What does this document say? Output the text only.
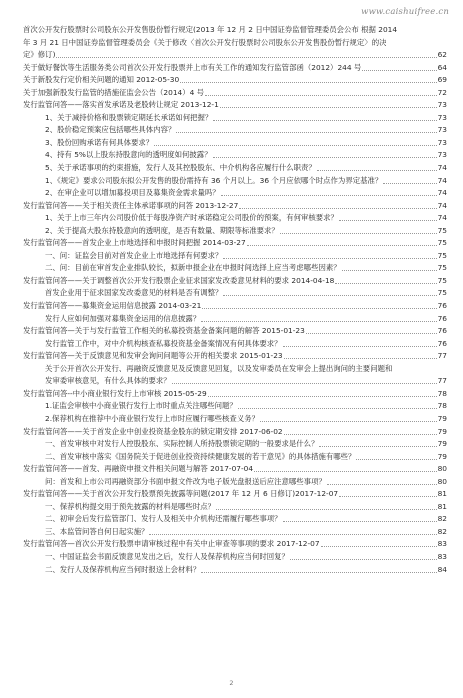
www.caishuifree.cn
首次公开发行股票时公司股东公开发售股份暂行规定(2013 年 12 月 2 日中国证券监督管理委员会公布 根据 2014
年 3 月 21 日中国证券监督管理委员会《关于修改〈首次公开发行股票时公司股东公开发售股份暂行规定〉的决
定》修订)	62
关于做好餐饮等生活服务类公司首次公开发行股票并上市有关工作的通知发行监管部函（2012）244 号	64
关于新股发行定价相关问题的通知 2012-05-30	69
关于加强新股发行监管的措施征监会公告（2014）4 号	72
发行监管问答——落实首发承诺及老股转让规定 2013-12-1	73
1、关于减持价格和股票锁定期延长承诺如何把握？	73
2、股价稳定预案应包括哪些具体内容？	73
3、股份回购承诺有何具体要求？	73
4、持有 5%以上股东持股意向的透明度如何披露？	73
5、关于承诺事项的约束措施，发行人及其控股股东、中介机构各应履行什么职责？	74
1、《规定》要求公司股东拟公开发售的股份需持有 36 个月以上。36 个月应依哪个时点作为界定基准？	74
2、在审企业可以增加募投项目及募集资金需求量吗？	74
发行监管问答——关于相关责任主体承诺事项的问答 2013-12-27	74
1、关于上市三年内公司股价低于每股净资产时承诺稳定公司股价的预案，有何审核要求？	74
2、关于提高大股东持股意向的透明度，是否有数量、期限等标准要求？	75
发行监管问答——首发企业上市地选择和申报时间把握 2014-03-27	75
一、问：证监会目前对首发企业上市地选择有何要求？	75
二、问：目前在审首发企业排队较长，拟新申报企业在申报时间选择上应当考虑哪些因素？	75
发行监管问答——关于调整首次公开发行股票企业征求国家发改委意见材料的要求 2014-04-18	75
首发企业用于征求国家发改委意见的材料是否有调整？	75
发行监管问答——募集资金运用信息披露 2014-03-21	76
发行人应如何加强对募集资金运用的信息披露？	76
发行监管问答—关于与发行监管工作相关的私募投资基金备案问题的解答 2015-01-23	76
发行监管工作中，对中介机构核查私募投资基金备案情况有何具体要求？	76
发行监管问答—关于反馈意见和发审会询问问题等公开的相关要求 2015-01-23	77
关于公开首次公开发行、再融资反馈意见及反馈意见回复，以及发审委员在发审会上提出询问的主要问题和
发审委审核意见，有什么具体的要求？	77
发行监管问答--中小商业银行发行上市审核 2015-05-29	78
1.证监会审核中小商业银行发行上市时重点关注哪些问题？	78
2.保荐机构在推荐中小商业银行发行上市时应履行哪些核查义务？	79
发行监管问答——关于首发企业中创业投资基金股东的锁定期安排 2017-06-02	79
一、首发审核中对发行人控股股东、实际控制人所持股票锁定期的一般要求是什么？	79
二、首发审核中落实《国务院关于促进创业投资持续健康发展的若干意见》的具体措施有哪些？	79
发行监管问答——首发、再融资申报文件相关问题与解答 2017-07-04	80
问：首发和上市公司再融资部分书面申报文件改为电子版光盘报送后应注意哪些事项？	80
发行监管问答——关于首次公开发行股票预先披露等问题(2017 年 12 月 6 日修订)2017-12-07	81
一、保荐机构提交用于预先披露的材料是哪些时点？	81
二、初审会后发行监管部门、发行人及相关中介机构还需履行哪些事项？	82
三、本监管问答自何日起实施？	82
发行监管问答—首次公开发行股票申请审核过程中有关中止审查等事项的要求 2017-12-07	83
一、中国证监会书面反馈意见发出之后，发行人及保荐机构应当何时回复？	83
二、发行人及保荐机构应当何时报送上会材料？	84
2
